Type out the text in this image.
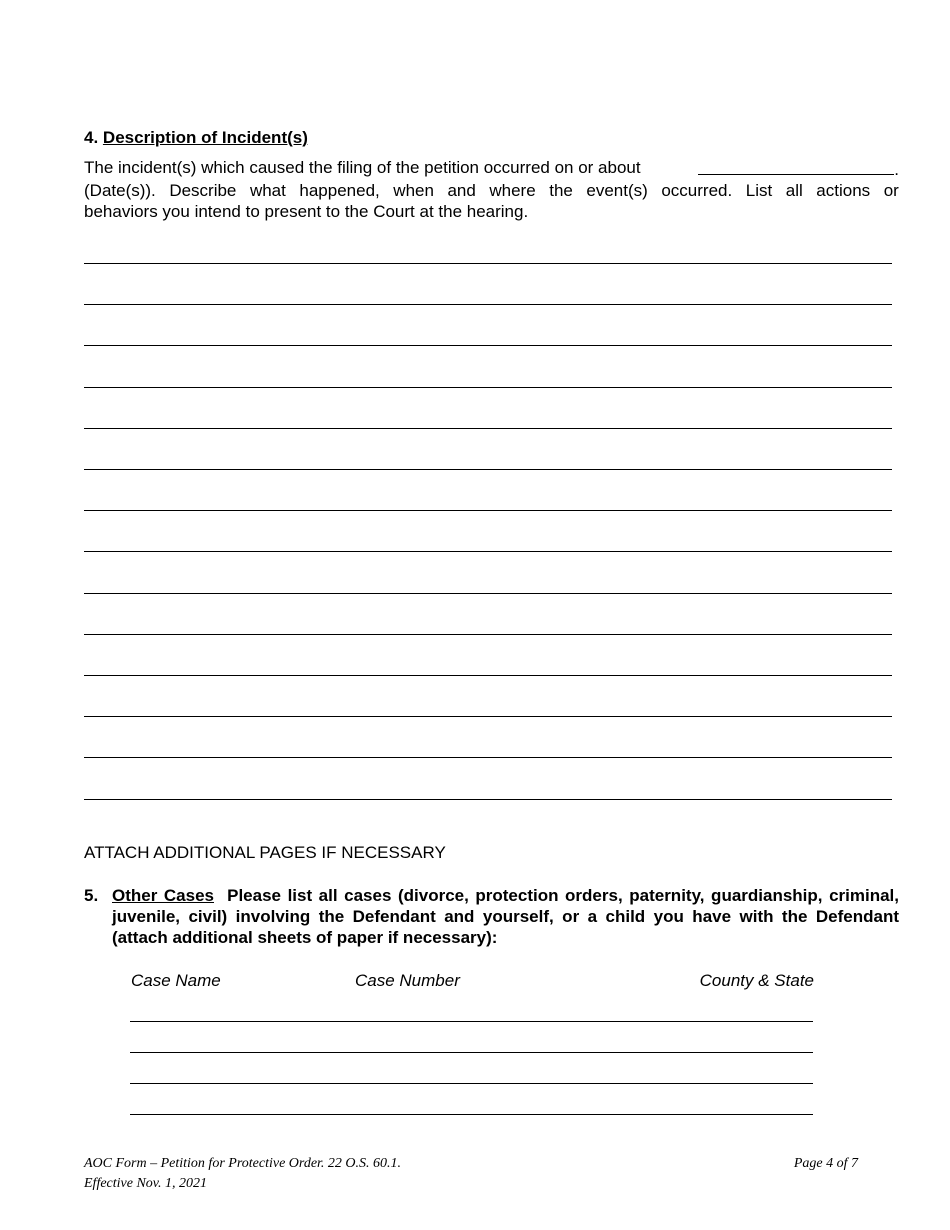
4. Description of Incident(s)
The incident(s) which caused the filing of the petition occurred on or about	.
(Date(s)). Describe what happened, when and where the event(s) occurred. List all actions or
behaviors you intend to present to the Court at the hearing.
ATTACH ADDITIONAL PAGES IF NECESSARY
5. Other Cases Please list all cases (divorce, protection orders, paternity, guardianship, criminal, juvenile, civil) involving the Defendant and yourself, or a child you have with the Defendant (attach additional sheets of paper if necessary):
Case Name	Case Number	County & State
AOC Form – Petition for Protective Order. 22 O.S. 60.1.
Effective Nov. 1, 2021
Page 4 of 7
